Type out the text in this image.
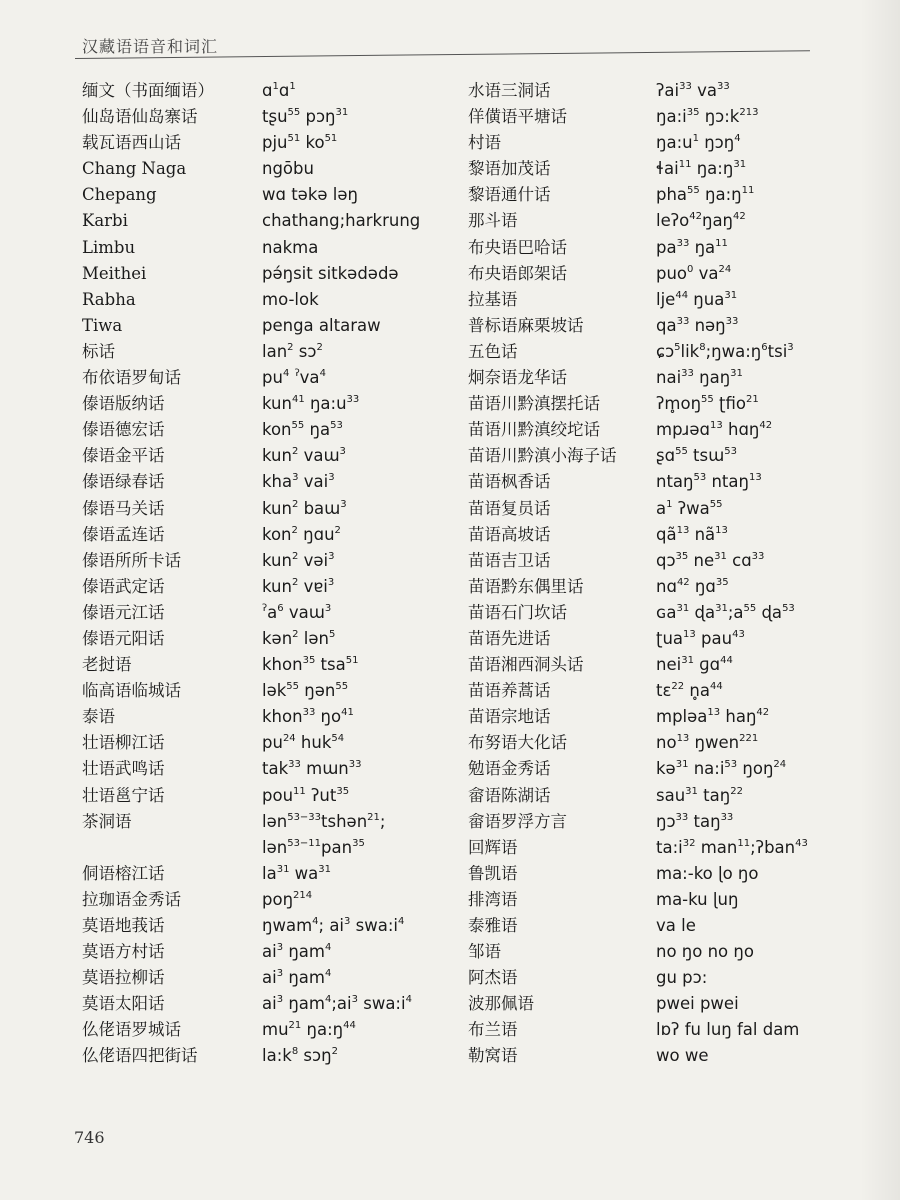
汉藏语语音和词汇
缅文（书面缅语）
仙岛语仙岛寨话
载瓦语西山话
Chang Naga
Chepang
Karbi
Limbu
Meithei
Rabha
Tiwa
标话
布依语罗甸话
傣语版纳话
傣语德宏话
傣语金平话
傣语绿春话
傣语马关话
傣语孟连话
傣语所所卡话
傣语武定话
傣语元江话
傣语元阳话
老挝语
临高语临城话
泰语
壮语柳江话
壮语武鸣话
壮语邕宁话
茶洞语
侗语榕江话
拉珈语金秀话
莫语地莪话
莫语方村话
莫语拉柳话
莫语太阳话
仫佬语罗城话
仫佬语四把街话
ɑ$^1$ɑ$^1$
tʂu$^{55}$ pɔŋ$^{31}$
pju$^{51}$ $ko^{51}$
ngōbu
wɑ təkə ləŋ
chathang;harkrung
nakma
pə́ŋsit sitkədədə
mo-lok
penga altaraw
lan$^2$ sɔ$^2$
$pu^4$ $^ʔva^4$
kun$^{41}$ $ŋa:u^{33}$
kon$^{55}$ $ŋa^{53}$
kun$^2$ vaɯ$^3$
kha$^3$ vai$^3$
kun$^2$ baɯ$^3$
kon$^2$ ŋɑu$^2$
kun$^2$ vəi$^3$
kun$^2$ vɐi$^3$
$^ʔa^6$ vaɯ$^3$
kən$^2$ lən$^5$
khon$^{35}$ tsa$^{51}$
lək$^{55}$ ŋən$^{55}$
khon$^{33}$ $ŋo^{41}$
$pu^{24}$ huk$^{54}$
tak$^{33}$ mɯn$^{33}$
pou$^{11}$ ʔut$^{35}$
lən$^{53-33}$tshən$^{21}$;
lən$^{53-11}$pan$^{35}$
$la^{31}$ $wa^{31}$
poŋ$^{214}$
ŋwam$^4$; $ai^3$ $swa:i^4$
$ai^3$ ŋam$^4$
$ai^3$ ŋam$^4$
$ai^3$ $ŋam^4;ai^3$ $swa:i^4$
$mu^{21}$ $ŋa:ŋ^{44}$
$la:k^8$ sɔŋ$^2$
水语三洞话
佯僙语平塘话
村语
黎语加茂话
黎语通什话
那斗语
布央语巴哈话
布央语郎架话
拉基语
普标语麻栗坡话
五色话
炯奈语龙华话
苗语川黔滇摆托话
苗语川黔滇绞坨话
苗语川黔滇小海子话
苗语枫香话
苗语复员话
苗语高坡话
苗语吉卫话
苗语黔东偶里话
苗语石门坎话
苗语先进话
苗语湘西洞头话
苗语养蒿话
苗语宗地话
布努语大化话
勉语金秀话
畲语陈湖话
畲语罗浮方言
回辉语
鲁凯语
排湾语
泰雅语
邹语
阿杰语
波那佩语
布兰语
勒窝语
ʔai$^{33}$ $va^{33}$
$ŋa:i^{35}$ $ŋɔ:k^{213}$
$ŋa:u^1$ ŋɔŋ$^4$
ɬai$^{11}$ $ŋa:ŋ^{31}$
pha$^{55}$ $ŋa:ŋ^{11}$
leʔo$^{42}$ŋaŋ$^{42}$
$pa^{33}$ $ŋa^{11}$
puo$^0$ $va^{24}$
lje$^{44}$ ŋua$^{31}$
$qa^{33}$ nəŋ$^{33}$
$ɕɔ^5lik^8;ŋwa:ŋ^6tsi^3$
nai$^{33}$ ŋaŋ$^{31}$
$ʔm̥oŋ^{55}$ ʈfio$^{21}$
mpɹəɑ$^{13}$ hɑŋ$^{42}$
ʂɑ$^{55}$ tsɯ$^{53}$
ntaŋ$^{53}$ ntaŋ$^{13}$
$a^1$ ʔwa$^{55}$
$qã^{13}$ $nã^{13}$
qɔ$^{35}$ $ne^{31}$ cɑ$^{33}$
nɑ$^{42}$ ŋɑ$^{35}$
ɢa$^{31}$ $ɖa^{31};a^{55}$ ɖa$^{53}$
ʈua$^{13}$ pau$^{43}$
nei$^{31}$ ɡɑ$^{44}$
tɛ$^{22}$ $n̥a^{44}$
mpləa$^{13}$ haŋ$^{42}$
$no^{13}$ ŋwen$^{221}$
kə$^{31}$ $na:i^{53}$ ŋoŋ$^{24}$
sau$^{31}$ taŋ$^{22}$
ŋɔ$^{33}$ taŋ$^{33}$
$ta:i^{32}$ man$^{11}$;ʔban$^{43}$
ma:-ko ɭo ŋo
ma-ku ɭuŋ
va le
no ŋo no ŋo
gu pɔ:
pwei pwei
lɒʔ fu luŋ fal dam
wo we
746
